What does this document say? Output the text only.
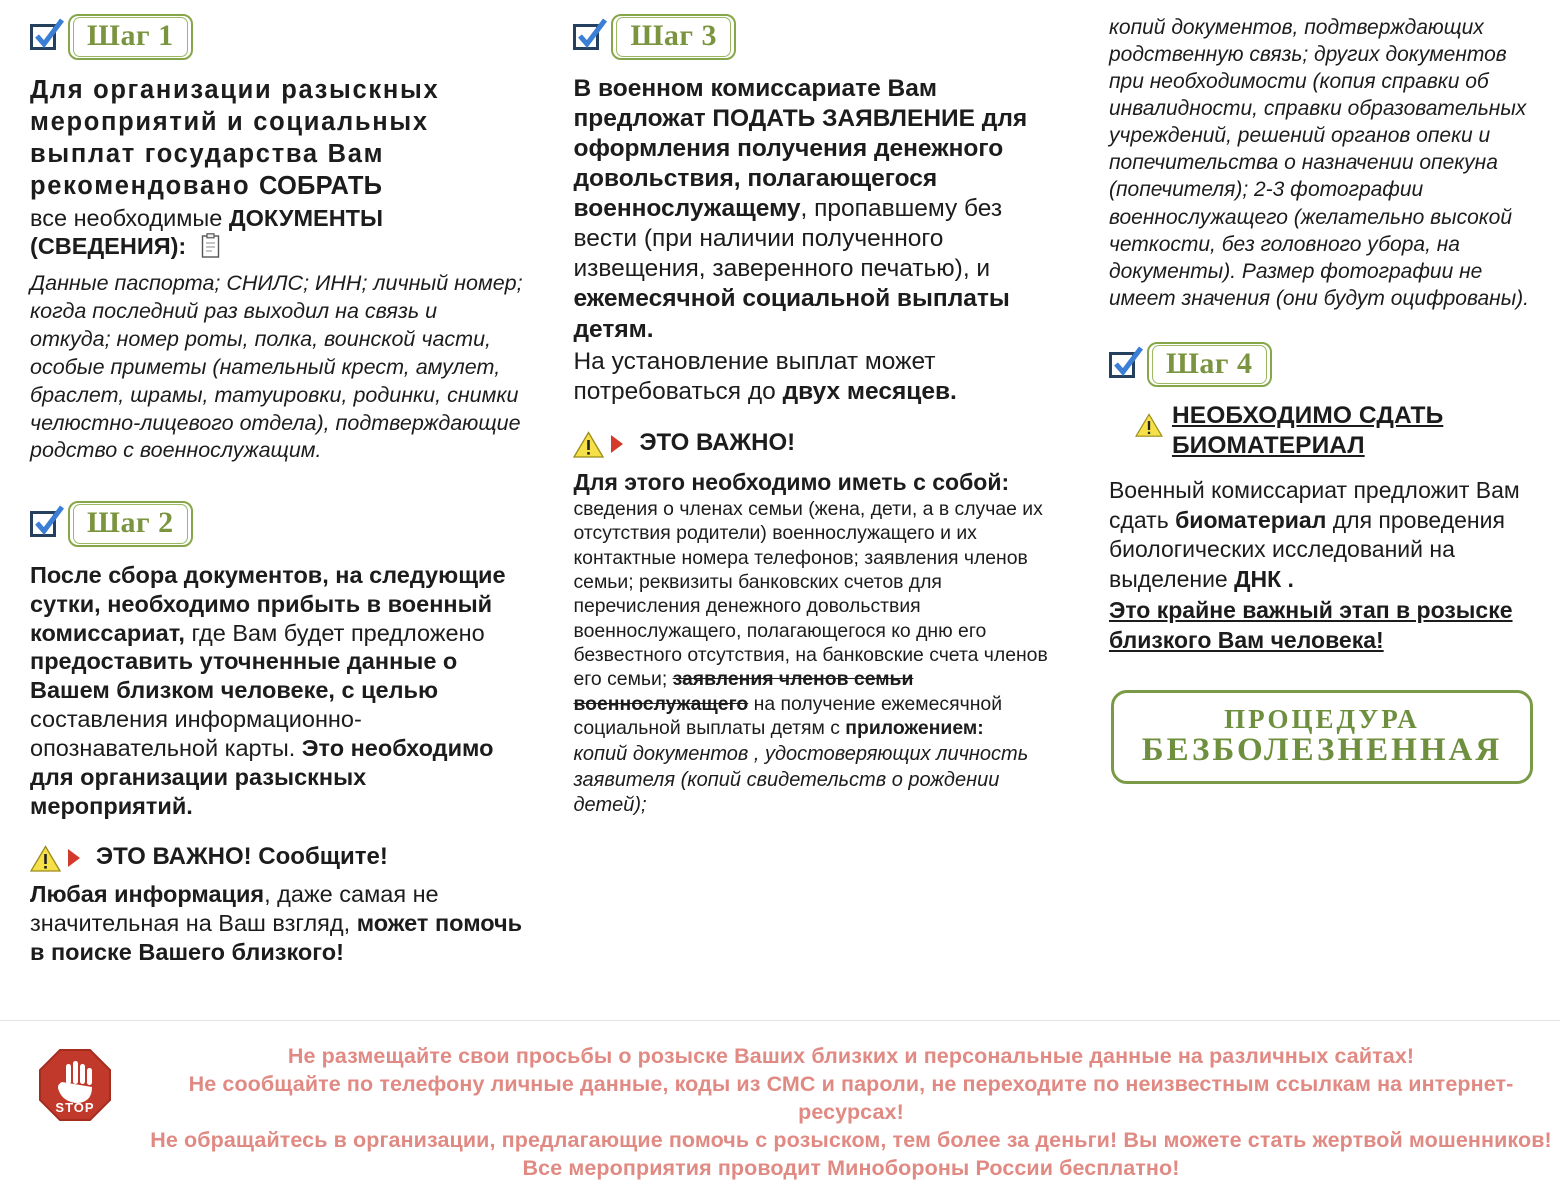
Шаг 1
Для организации разыскных мероприятий и социальных выплат государства Вам рекомендовано СОБРАТЬ
все необходимые ДОКУМЕНТЫ (СВЕДЕНИЯ):
Данные паспорта; СНИЛС; ИНН; личный номер; когда последний раз выходил на связь и откуда; номер роты, полка, воинской части, особые приметы (нательный крест, амулет, браслет, шрамы, татуировки, родинки, снимки челюстно-лицевого отдела), подтверждающие родство с военнослужащим.
Шаг 2
После сбора документов, на следующие сутки, необходимо прибыть в военный комиссариат, где Вам будет предложено предоставить уточненные данные о Вашем близком человеке, с целью составления информационно-опознавательной карты. Это необходимо для организации разыскных мероприятий.
ЭТО ВАЖНО! Сообщите!
Любая информация, даже самая не значительная на Ваш взгляд, может помочь в поиске Вашего близкого!
Шаг 3
В военном комиссариате Вам предложат ПОДАТЬ ЗАЯВЛЕНИЕ для оформления получения денежного довольствия, полагающегося военнослужащему, пропавшему без вести (при наличии полученного извещения, заверенного печатью), и ежемесячной социальной выплаты детям.
На установление выплат может потребоваться до двух месяцев.
ЭТО ВАЖНО!
Для этого необходимо иметь с собой: сведения о членах семьи (жена, дети, а в случае их отсутствия родители) военнослужащего и их контактные номера телефонов; заявления членов семьи; реквизиты банковских счетов для перечисления денежного довольствия военнослужащего, полагающегося ко дню его безвестного отсутствия, на банковские счета членов его семьи; заявления членов семьи военнослужащего на получение ежемесячной социальной выплаты детям с приложением:
копий документов , удостоверяющих личность заявителя (копий свидетельств о рождении детей);
копий документов, подтверждающих родственную связь; других документов при необходимости (копия справки об инвалидности, справки образовательных учреждений, решений органов опеки и попечительства о назначении опекуна (попечителя); 2-3 фотографии военнослужащего (желательно высокой четкости, без головного убора, на документы). Размер фотографии не имеет значения (они будут оцифрованы).
Шаг 4
НЕОБХОДИМО СДАТЬ БИОМАТЕРИАЛ
Военный комиссариат предложит Вам сдать биоматериал для проведения биологических исследований на выделение ДНК .
Это крайне важный этап в розыске близкого Вам человека!
ПРОЦЕДУРА
БЕЗБОЛЕЗНЕННАЯ
STOP
Не размещайте свои просьбы о розыске Ваших близких и персональные данные на различных сайтах!
Не сообщайте по телефону личные данные, коды из СМС и пароли, не переходите по неизвестным ссылкам на интернет-ресурсах!
Не обращайтесь в организации, предлагающие помочь с розыском, тем более за деньги! Вы можете стать жертвой мошенников!
Все мероприятия проводит Минобороны России бесплатно!
